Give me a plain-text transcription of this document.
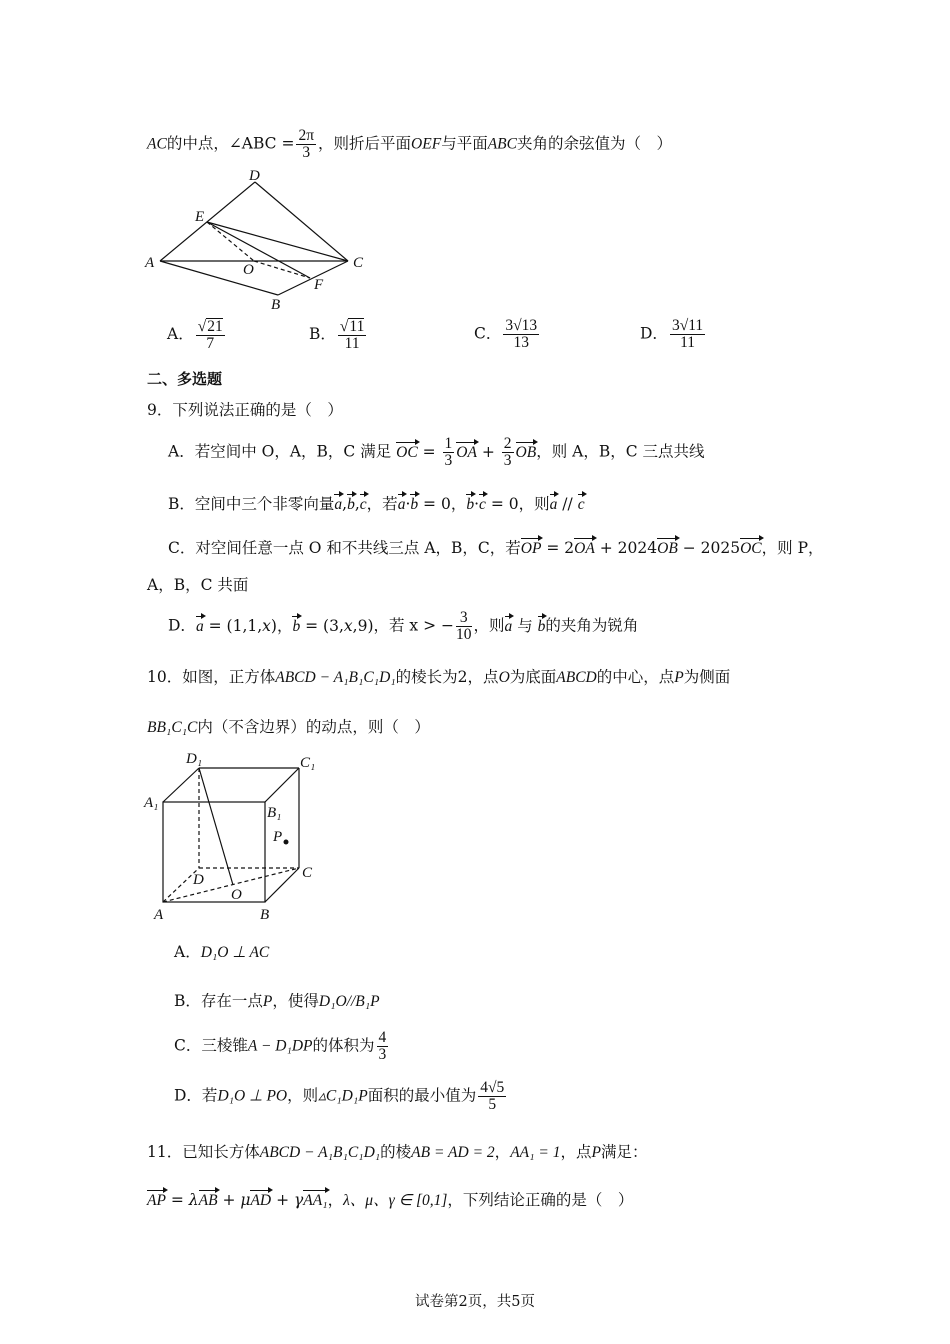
AC的中点，∠ABC = $\frac{2\pi}{3}$ ，则折后平面OEF与平面ABC夹角的余弦值为（　）
D
E
A	O	C
F
B
A． $\frac{√21}{7}$	B． $\frac{√11}{11}$	C． $\frac{3√13}{13}$	D． $\frac{3√11}{11}$
二、多选题
9．下列说法正确的是（　）
A．若空间中 O，A，B，C 满足 OC = $\frac{1}{3}$ OA + $\frac{2}{3}$ OB，则 A，B，C 三点共线
B．空间中三个非零向量a,b,c，若a·b = 0，b·c = 0，则a // c
C．对空间任意一点 O 和不共线三点 A，B，C，若OP = 2OA + 2024OB − 2025OC，则 P，
A，B，C 共面
D．a = (1,1,x)，b = (3,x,9)，若 x > − $\frac{3}{10}$ ，则a 与 b的夹角为锐角
10．如图，正方体ABCD − A₁B₁C₁D₁的棱长为2，点O为底面ABCD的中心，点P为侧面
BB₁C₁C内（不含边界）的动点，则（　）
D₁	C₁
A₁
B₁
P
D	C
O
A	B
A．D₁O ⊥ AC
B．存在一点P，使得D₁O//B₁P
C．三棱锥A − D₁DP的体积为 $\frac{4}{3}$
D．若D₁O ⊥ PO，则▵C₁D₁P面积的最小值为 $\frac{4√5}{5}$
11．已知长方体ABCD − A₁B₁C₁D₁的棱AB = AD = 2，AA₁ = 1，点P满足：
AP = λAB + μAD + γAA₁，λ、μ、γ ∈ [0,1]，下列结论正确的是（　）
试卷第2页，共5页
